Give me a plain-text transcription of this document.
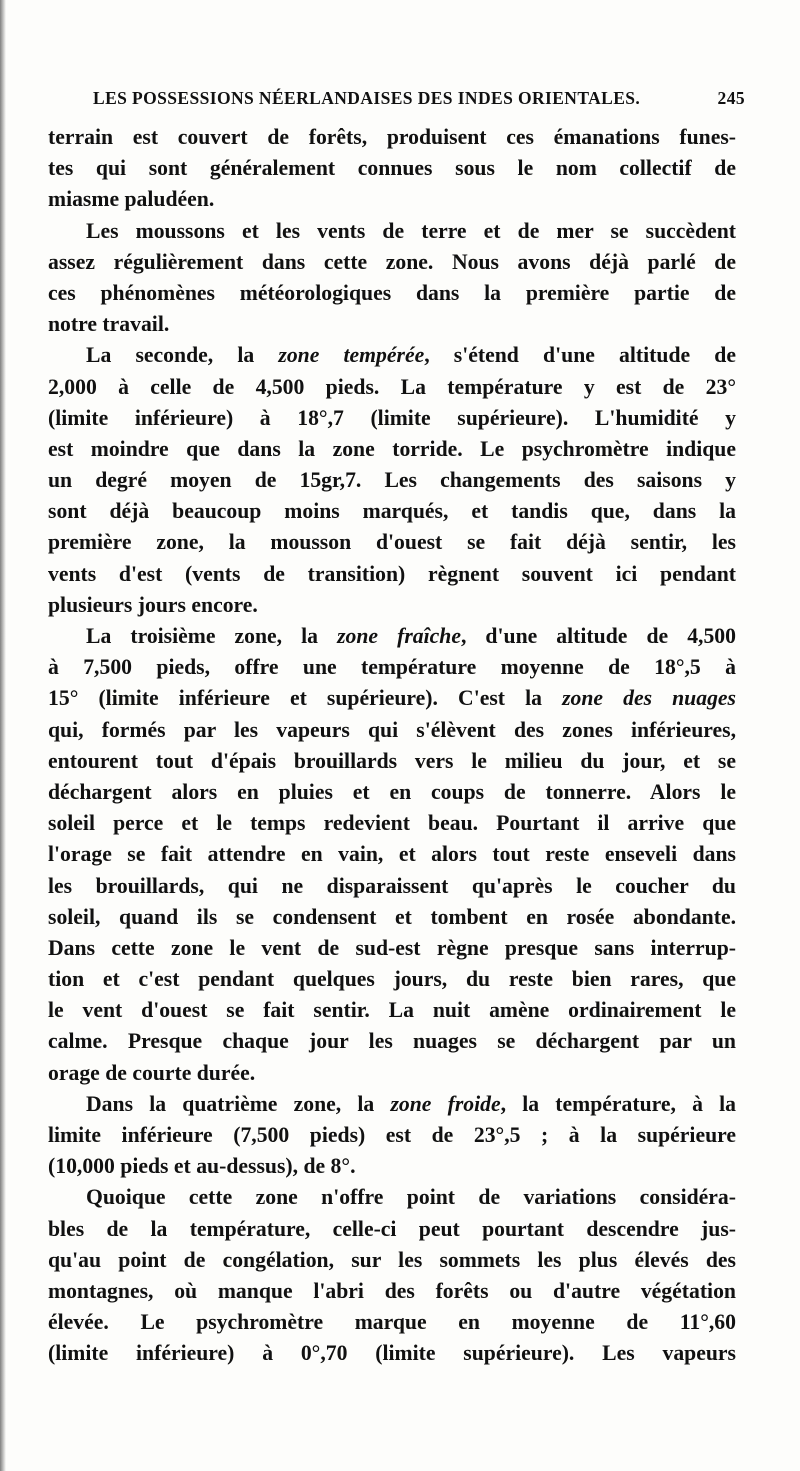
LES POSSESSIONS NÉERLANDAISES DES INDES ORIENTALES.	245
terrain est couvert de forêts, produisent ces émanations funes-
tes qui sont généralement connues sous le nom collectif de
miasme paludéen.
Les moussons et les vents de terre et de mer se succèdent
assez régulièrement dans cette zone. Nous avons déjà parlé de
ces phénomènes météorologiques dans la première partie de
notre travail.
La seconde, la zone tempérée, s'étend d'une altitude de
2,000 à celle de 4,500 pieds. La température y est de 23°
(limite inférieure) à 18°,7 (limite supérieure). L'humidité y
est moindre que dans la zone torride. Le psychromètre indique
un degré moyen de 15gr,7. Les changements des saisons y
sont déjà beaucoup moins marqués, et tandis que, dans la
première zone, la mousson d'ouest se fait déjà sentir, les
vents d'est (vents de transition) règnent souvent ici pendant
plusieurs jours encore.
La troisième zone, la zone fraîche, d'une altitude de 4,500
à 7,500 pieds, offre une température moyenne de 18°,5 à
15° (limite inférieure et supérieure). C'est la zone des nuages
qui, formés par les vapeurs qui s'élèvent des zones inférieures,
entourent tout d'épais brouillards vers le milieu du jour, et se
déchargent alors en pluies et en coups de tonnerre. Alors le
soleil perce et le temps redevient beau. Pourtant il arrive que
l'orage se fait attendre en vain, et alors tout reste enseveli dans
les brouillards, qui ne disparaissent qu'après le coucher du
soleil, quand ils se condensent et tombent en rosée abondante.
Dans cette zone le vent de sud-est règne presque sans interrup-
tion et c'est pendant quelques jours, du reste bien rares, que
le vent d'ouest se fait sentir. La nuit amène ordinairement le
calme. Presque chaque jour les nuages se déchargent par un
orage de courte durée.
Dans la quatrième zone, la zone froide, la température, à la
limite inférieure (7,500 pieds) est de 23°,5 ; à la supérieure
(10,000 pieds et au-dessus), de 8°.
Quoique cette zone n'offre point de variations considéra-
bles de la température, celle-ci peut pourtant descendre jus-
qu'au point de congélation, sur les sommets les plus élevés des
montagnes, où manque l'abri des forêts ou d'autre végétation
élevée. Le psychromètre marque en moyenne de 11°,60
(limite inférieure) à 0°,70 (limite supérieure). Les vapeurs
